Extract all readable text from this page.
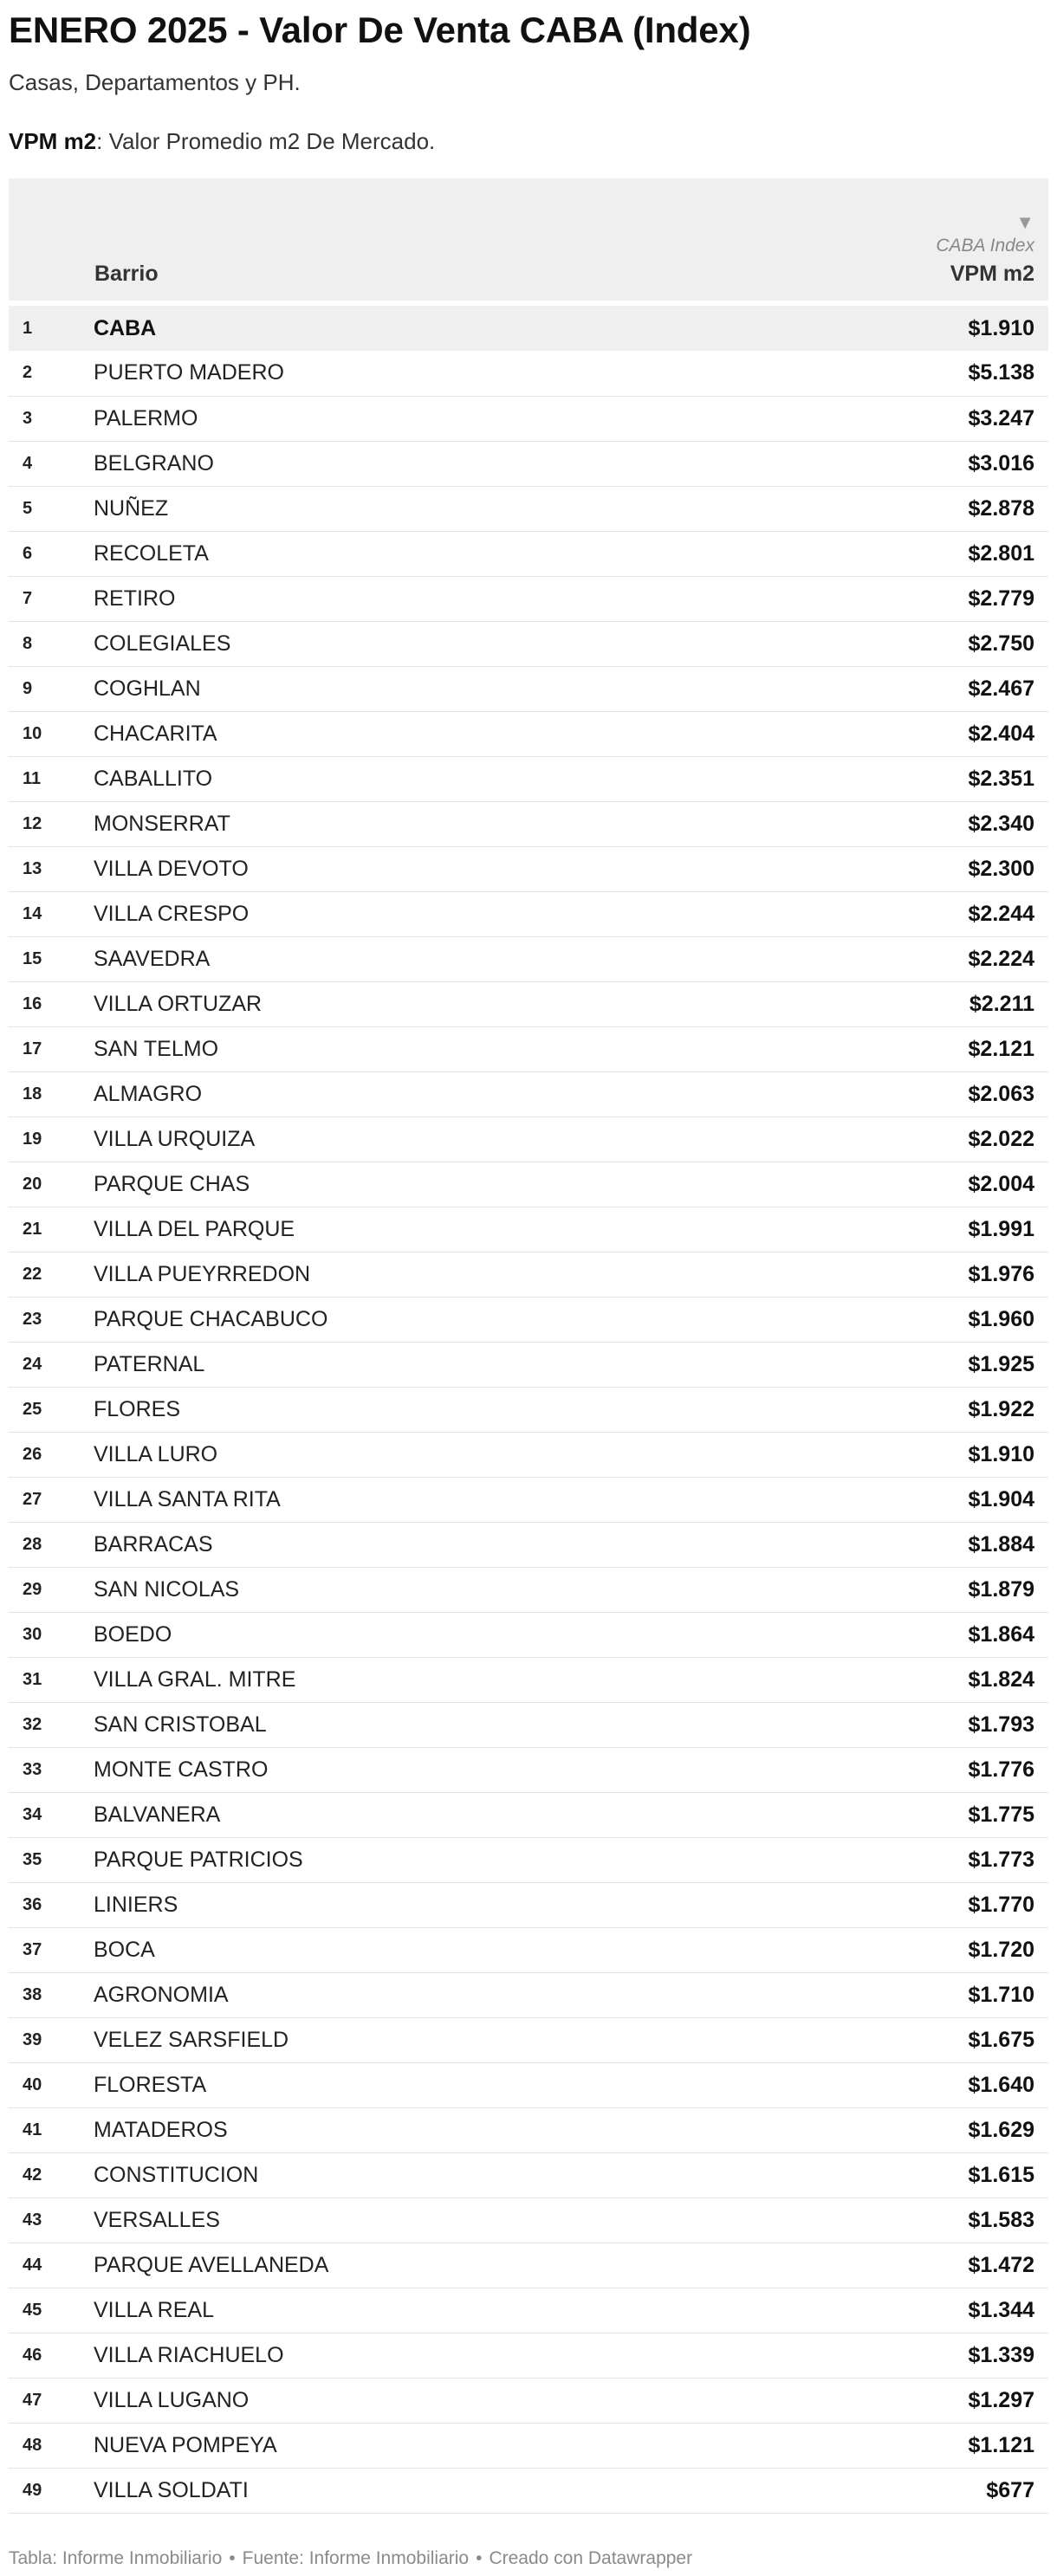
ENERO 2025 - Valor De Venta CABA (Index)
Casas, Departamentos y PH.
VPM m2: Valor Promedio m2 De Mercado.
	Barrio	▼
CABA Index
VPM m2

1	CABA	$1.910
2	PUERTO MADERO	$5.138
3	PALERMO	$3.247
4	BELGRANO	$3.016
5	NUÑEZ	$2.878
6	RECOLETA	$2.801
7	RETIRO	$2.779
8	COLEGIALES	$2.750
9	COGHLAN	$2.467
10	CHACARITA	$2.404
11	CABALLITO	$2.351
12	MONSERRAT	$2.340
13	VILLA DEVOTO	$2.300
14	VILLA CRESPO	$2.244
15	SAAVEDRA	$2.224
16	VILLA ORTUZAR	$2.211
17	SAN TELMO	$2.121
18	ALMAGRO	$2.063
19	VILLA URQUIZA	$2.022
20	PARQUE CHAS	$2.004
21	VILLA DEL PARQUE	$1.991
22	VILLA PUEYRREDON	$1.976
23	PARQUE CHACABUCO	$1.960
24	PATERNAL	$1.925
25	FLORES	$1.922
26	VILLA LURO	$1.910
27	VILLA SANTA RITA	$1.904
28	BARRACAS	$1.884
29	SAN NICOLAS	$1.879
30	BOEDO	$1.864
31	VILLA GRAL. MITRE	$1.824
32	SAN CRISTOBAL	$1.793
33	MONTE CASTRO	$1.776
34	BALVANERA	$1.775
35	PARQUE PATRICIOS	$1.773
36	LINIERS	$1.770
37	BOCA	$1.720
38	AGRONOMIA	$1.710
39	VELEZ SARSFIELD	$1.675
40	FLORESTA	$1.640
41	MATADEROS	$1.629
42	CONSTITUCION	$1.615
43	VERSALLES	$1.583
44	PARQUE AVELLANEDA	$1.472
45	VILLA REAL	$1.344
46	VILLA RIACHUELO	$1.339
47	VILLA LUGANO	$1.297
48	NUEVA POMPEYA	$1.121
49	VILLA SOLDATI	$677
Tabla: Informe Inmobiliario • Fuente: Informe Inmobiliario • Creado con Datawrapper
